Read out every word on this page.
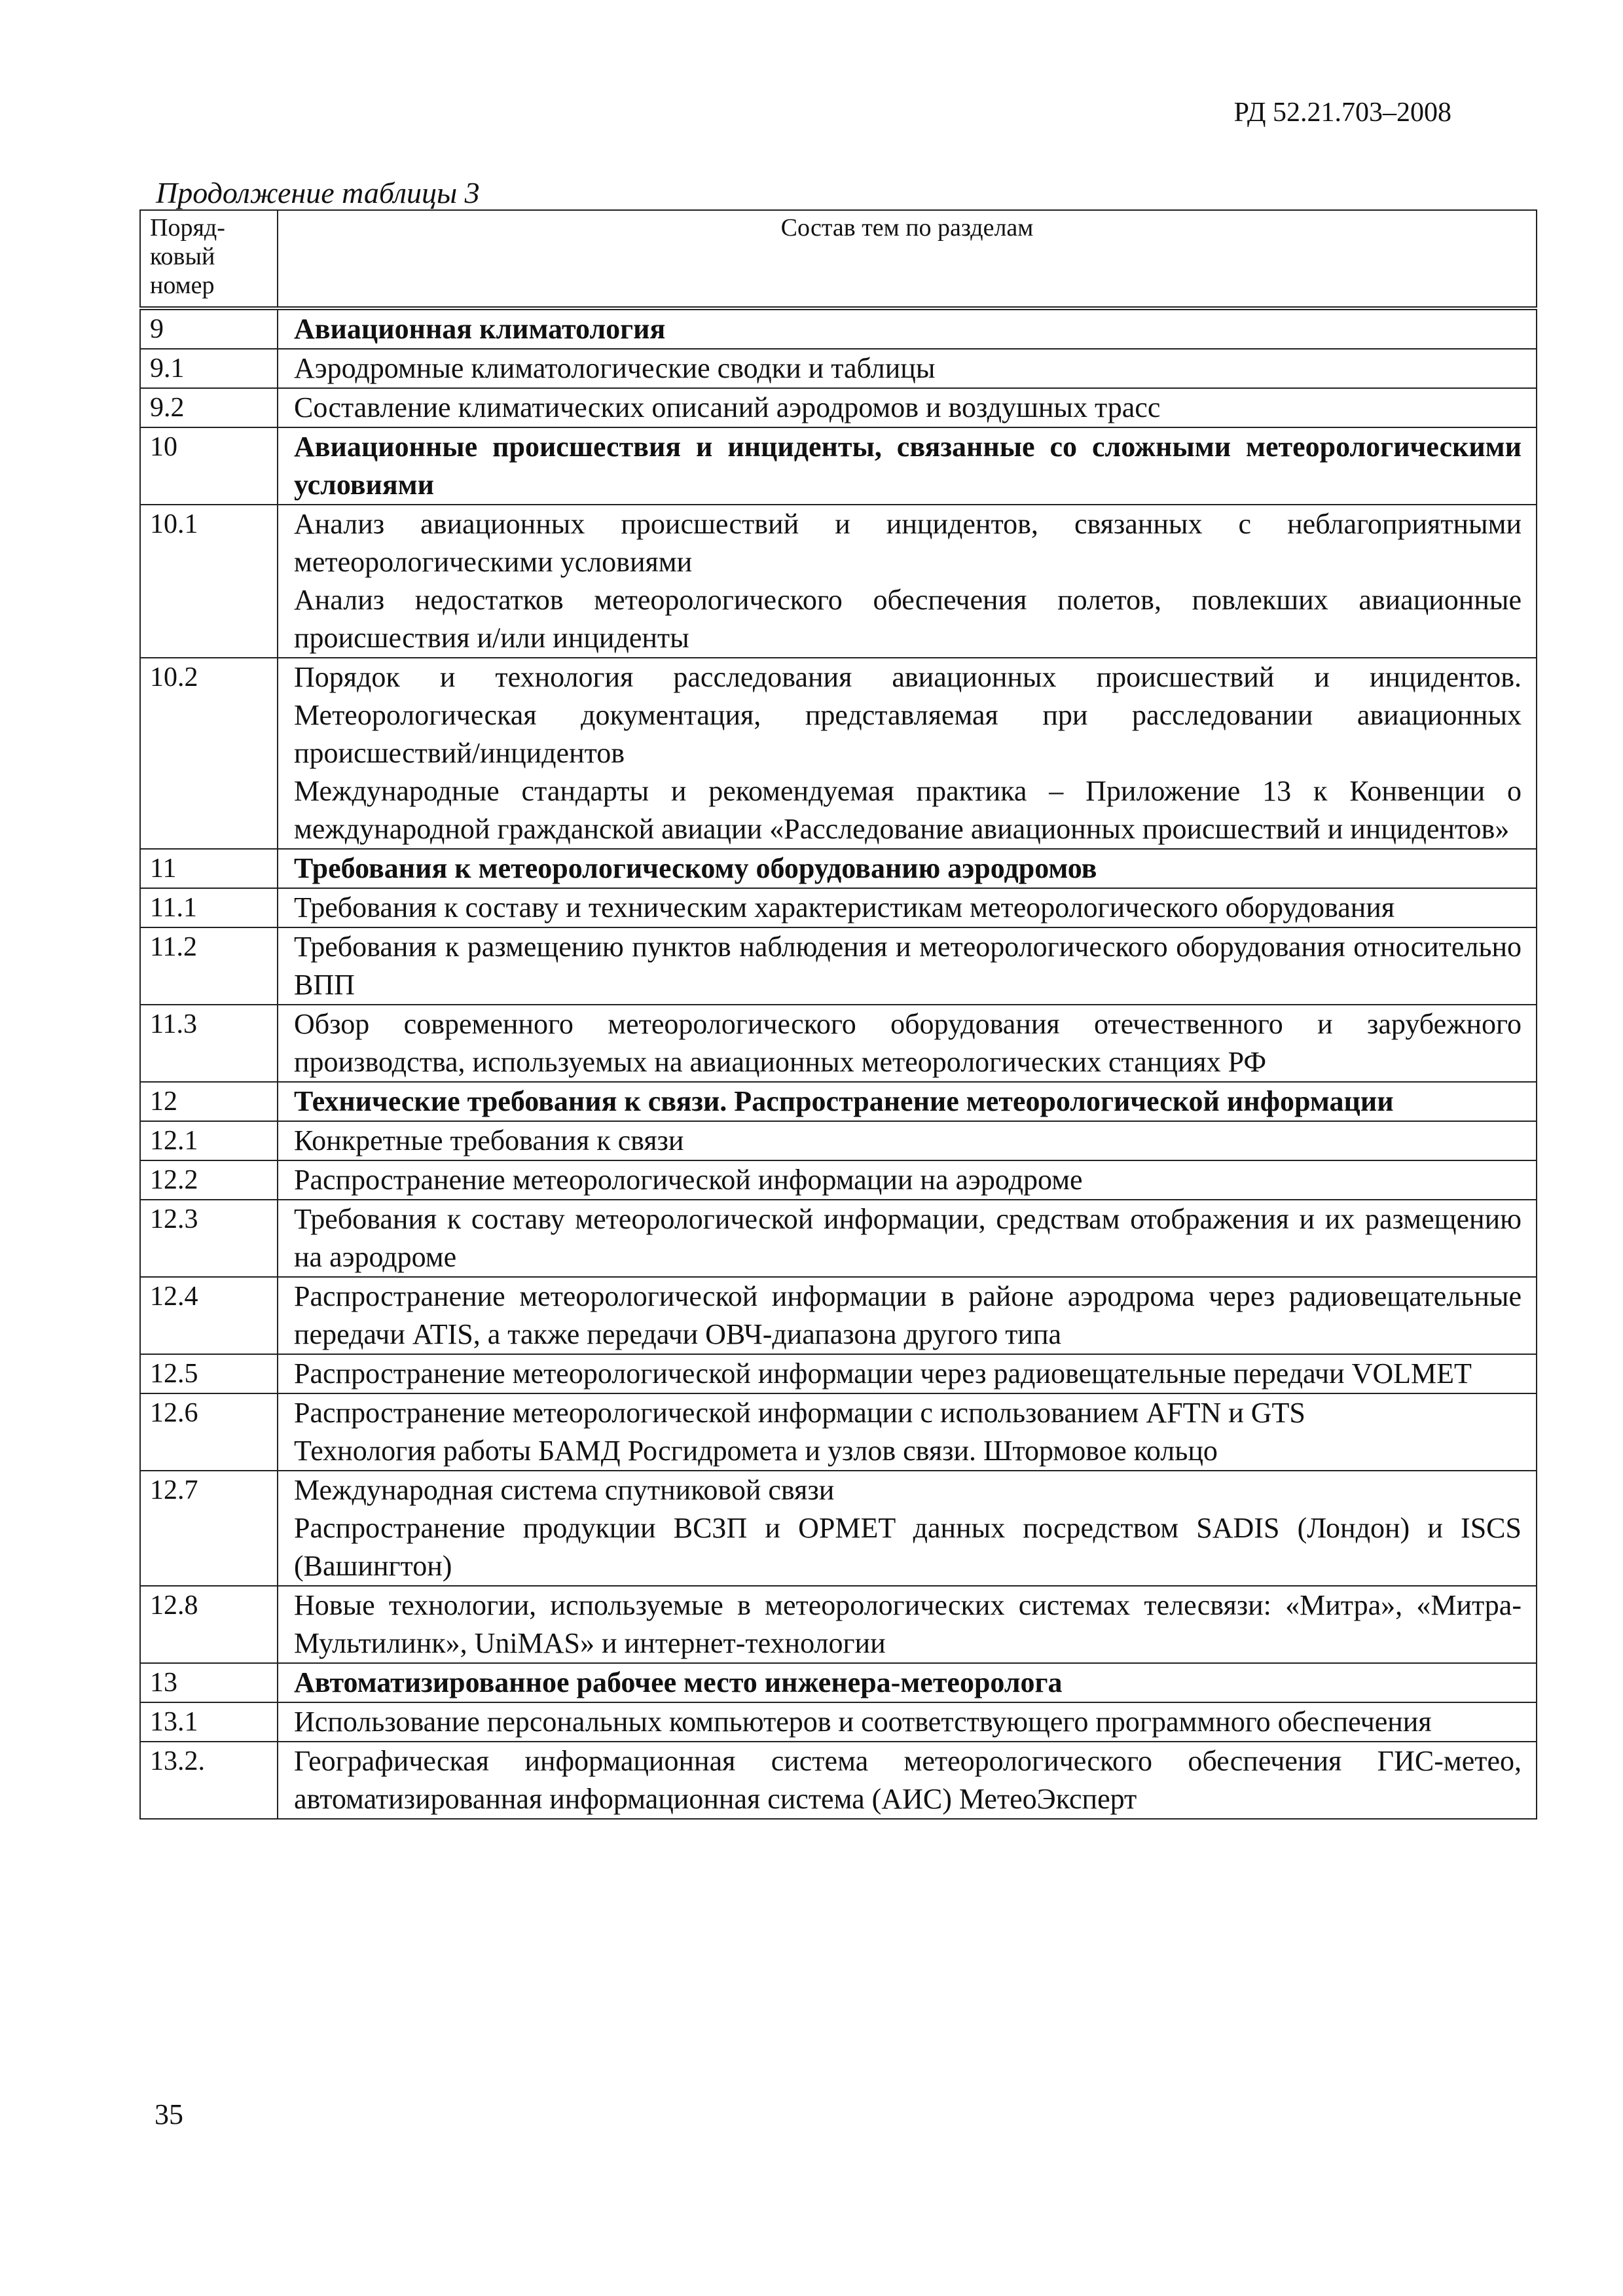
РД 52.21.703–2008
Продолжение таблицы 3
Поряд-
ковый
номер	Состав тем по разделам
9	Авиационная климатология

9.1	Аэродромные климатологические сводки и таблицы

9.2	Составление климатических описаний аэродромов и воздушных трасс

10	Авиационные происшествия и инциденты, связанные со сложными метеорологическими условиями

10.1	Анализ авиационных происшествий и инцидентов, связанных с неблагоприятными метеорологическими условиями

Анализ недостатков метеорологического обеспечения полетов, повлекших авиационные происшествия и/или инциденты

10.2	Порядок и технология расследования авиационных происшествий и инцидентов. Метеорологическая документация, представляемая при расследовании авиационных происшествий/инцидентов

Международные стандарты и рекомендуемая практика – Приложение 13 к Конвенции о международной гражданской авиации «Расследование авиационных происшествий и инцидентов»

11	Требования к метеорологическому оборудованию аэродромов

11.1	Требования к составу и техническим характеристикам метеорологического оборудования

11.2	Требования к размещению пунктов наблюдения и метеорологического оборудования относительно ВПП

11.3	Обзор современного метеорологического оборудования отечественного и зарубежного производства, используемых на авиационных метеорологических станциях РФ

12	Технические требования к связи. Распространение метеорологической информации

12.1	Конкретные требования к связи

12.2	Распространение метеорологической информации на аэродроме

12.3	Требования к составу метеорологической информации, средствам отображения и их размещению на аэродроме

12.4	Распространение метеорологической информации в районе аэродрома через радиовещательные передачи ATIS, а также передачи ОВЧ-диапазона другого типа

12.5	Распространение метеорологической информации через радиовещательные передачи VOLMET

12.6	Распространение метеорологической информации с использованием AFTN и GTS

Технология работы БАМД Росгидромета и узлов связи. Штормовое кольцо

12.7	Международная система спутниковой связи

Распространение продукции ВСЗП и OPMET данных посредством SADIS (Лондон) и ISCS (Вашингтон)

12.8	Новые технологии, используемые в метеорологических системах телесвязи: «Митра», «Митра-Мультилинк», UniMAS» и интернет-технологии

13	Автоматизированное рабочее место инженера-метеоролога

13.1	Использование персональных компьютеров и соответствующего программного обеспечения

13.2.	Географическая информационная система метеорологического обеспечения ГИС-метео, автоматизированная информационная система (АИС) МетеоЭксперт

35
